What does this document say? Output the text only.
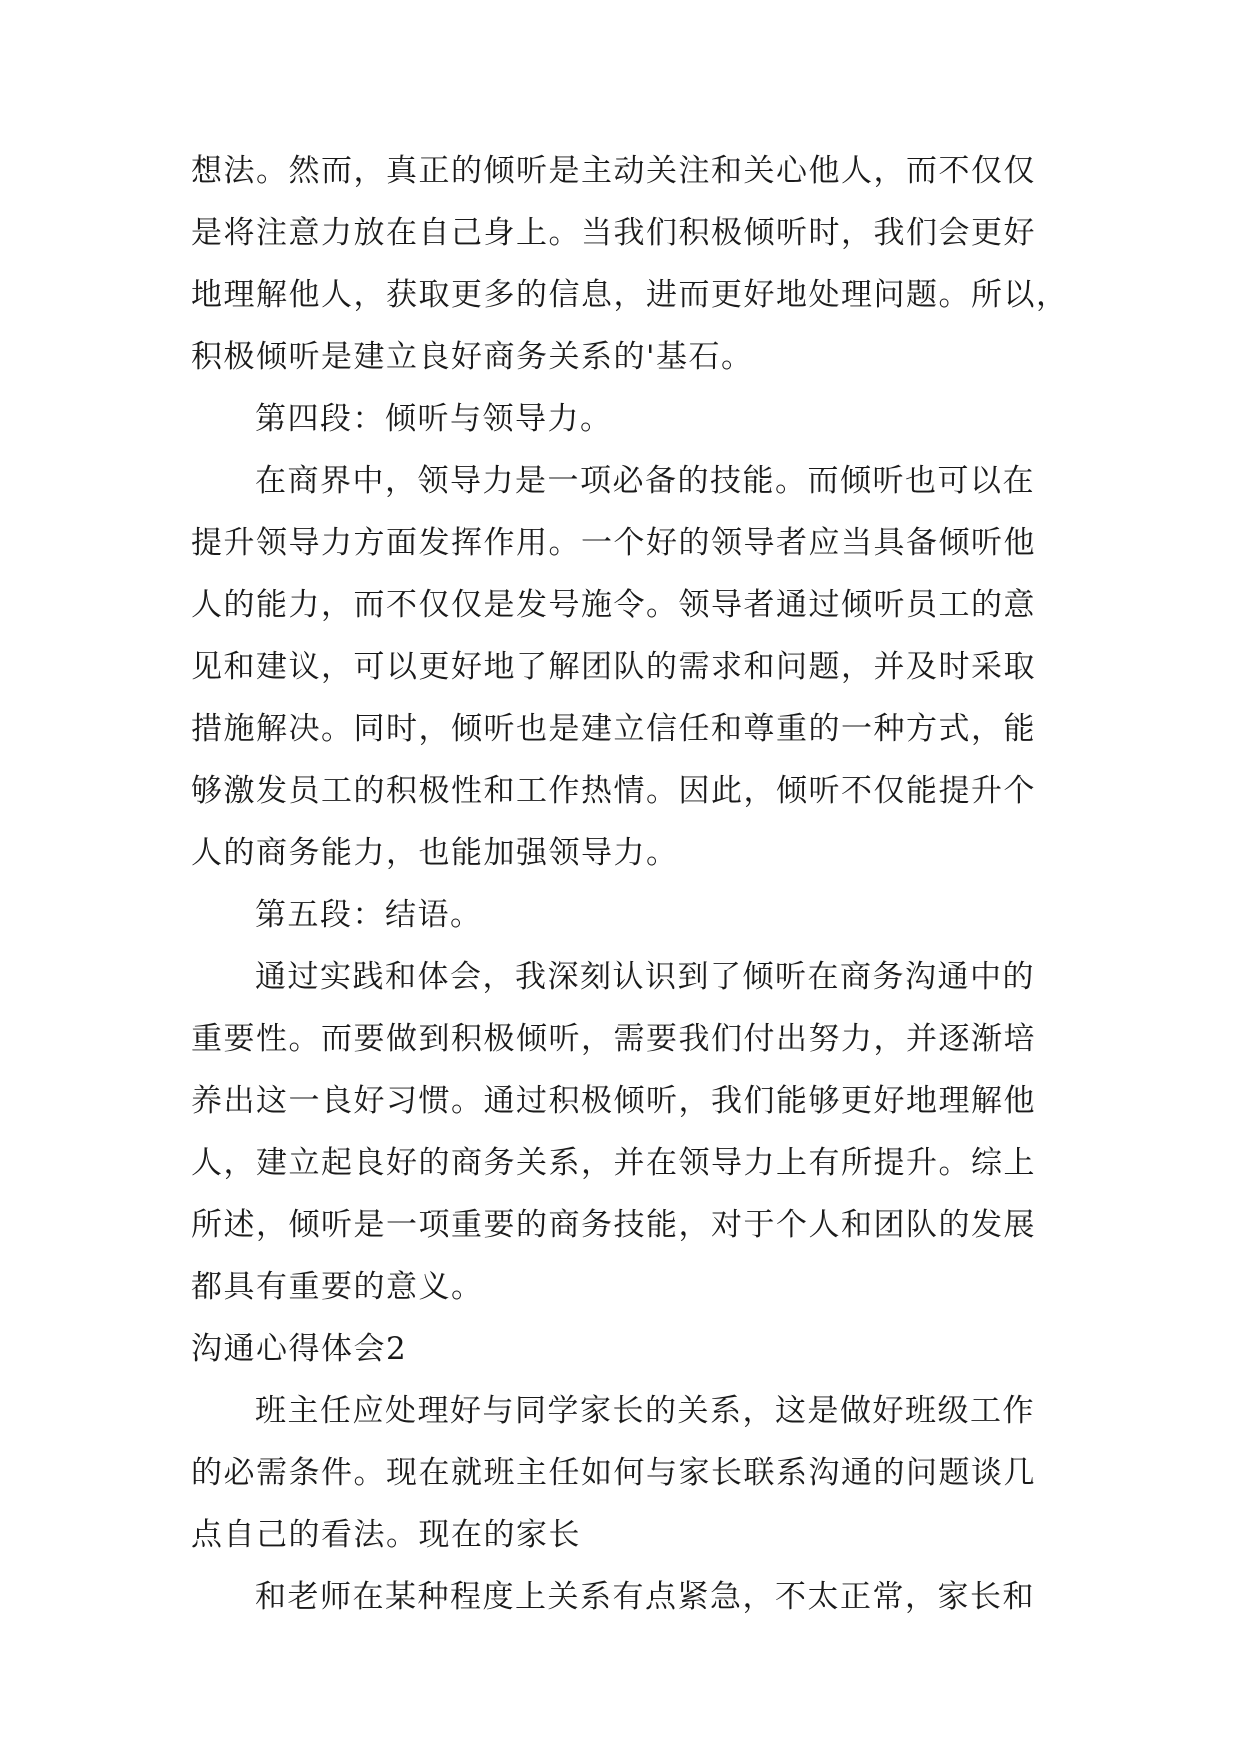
想法。然而，真正的倾听是主动关注和关心他人，而不仅仅
是将注意力放在自己身上。当我们积极倾听时，我们会更好
地理解他人，获取更多的信息，进而更好地处理问题。所以，
积极倾听是建立良好商务关系的'基石。
第四段：倾听与领导力。
在商界中，领导力是一项必备的技能。而倾听也可以在
提升领导力方面发挥作用。一个好的领导者应当具备倾听他
人的能力，而不仅仅是发号施令。领导者通过倾听员工的意
见和建议，可以更好地了解团队的需求和问题，并及时采取
措施解决。同时，倾听也是建立信任和尊重的一种方式，能
够激发员工的积极性和工作热情。因此，倾听不仅能提升个
人的商务能力，也能加强领导力。
第五段：结语。
通过实践和体会，我深刻认识到了倾听在商务沟通中的
重要性。而要做到积极倾听，需要我们付出努力，并逐渐培
养出这一良好习惯。通过积极倾听，我们能够更好地理解他
人，建立起良好的商务关系，并在领导力上有所提升。综上
所述，倾听是一项重要的商务技能，对于个人和团队的发展
都具有重要的意义。
沟通心得体会2
班主任应处理好与同学家长的关系，这是做好班级工作
的必需条件。现在就班主任如何与家长联系沟通的问题谈几
点自己的看法。现在的家长
和老师在某种程度上关系有点紧急，不太正常，家长和
